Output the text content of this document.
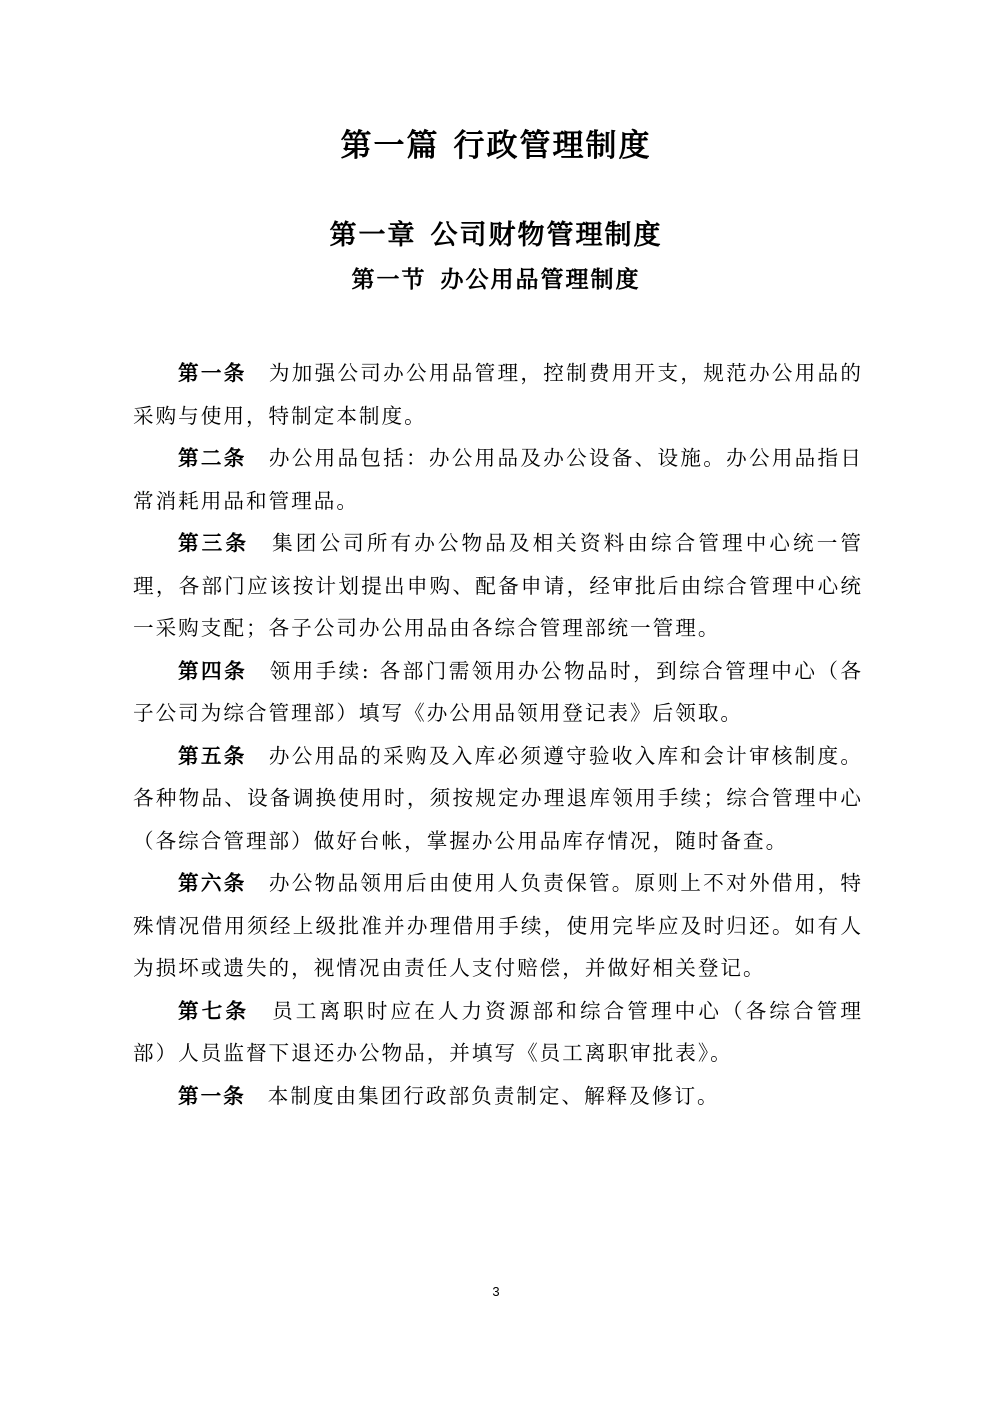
第一篇 行政管理制度
第一章 公司财物管理制度
第一节 办公用品管理制度

第一条 为加强公司办公用品管理，控制费用开支，规范办公用品的采购与使用，特制定本制度。

第二条 办公用品包括：办公用品及办公设备、设施。办公用品指日常消耗用品和管理品。

第三条 集团公司所有办公物品及相关资料由综合管理中心统一管理，各部门应该按计划提出申购、配备申请，经审批后由综合管理中心统一采购支配；各子公司办公用品由各综合管理部统一管理。

第四条 领用手续: 各部门需领用办公物品时，到综合管理中心（各子公司为综合管理部）填写《办公用品领用登记表》后领取。

第五条 办公用品的采购及入库必须遵守验收入库和会计审核制度。各种物品、设备调换使用时，须按规定办理退库领用手续；综合管理中心（各综合管理部）做好台帐，掌握办公用品库存情况，随时备查。

第六条 办公物品领用后由使用人负责保管。原则上不对外借用，特殊情况借用须经上级批准并办理借用手续，使用完毕应及时归还。如有人为损坏或遗失的，视情况由责任人支付赔偿，并做好相关登记。

第七条 员工离职时应在人力资源部和综合管理中心（各综合管理部）人员监督下退还办公物品，并填写《员工离职审批表》。

第一条 本制度由集团行政部负责制定、解释及修订。

3
